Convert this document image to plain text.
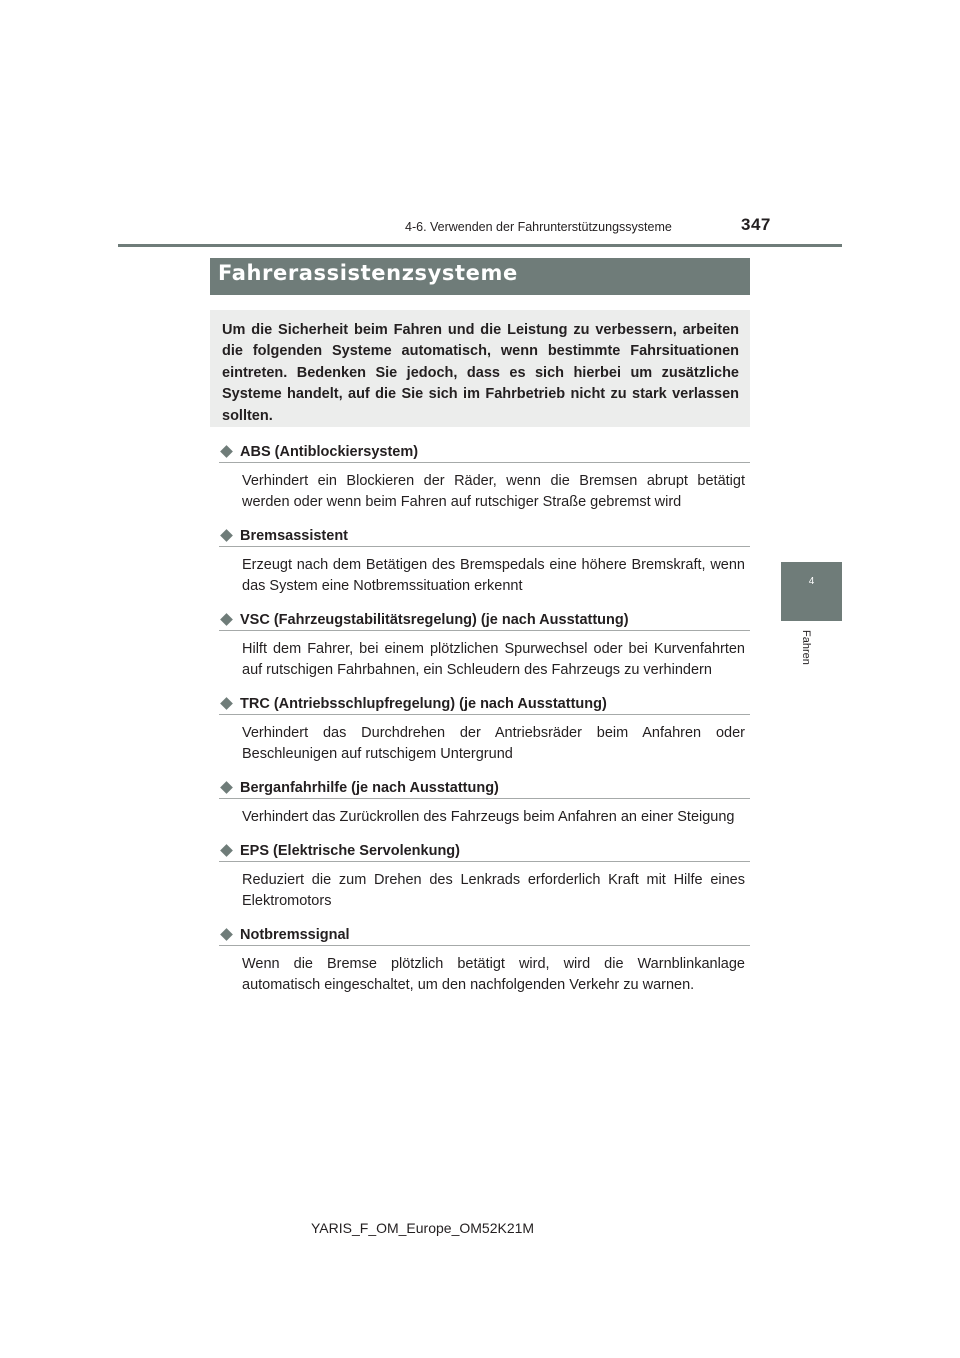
4-6. Verwenden der Fahrunterstützungssysteme	347
4
Fahren
Fahrerassistenzsysteme
Um die Sicherheit beim Fahren und die Leistung zu verbessern, arbeiten die folgenden Systeme automatisch, wenn bestimmte Fahrsituationen eintreten. Bedenken Sie jedoch, dass es sich hierbei um zusätzliche Systeme handelt, auf die Sie sich im Fahrbetrieb nicht zu stark verlassen sollten.
ABS (Antiblockiersystem)
Verhindert ein Blockieren der Räder, wenn die Bremsen abrupt betätigt werden oder wenn beim Fahren auf rutschiger Straße gebremst wird
Bremsassistent
Erzeugt nach dem Betätigen des Bremspedals eine höhere Bremskraft, wenn das System eine Notbremssituation erkennt
VSC (Fahrzeugstabilitätsregelung) (je nach Ausstattung)
Hilft dem Fahrer, bei einem plötzlichen Spurwechsel oder bei Kurvenfahrten auf rutschigen Fahrbahnen, ein Schleudern des Fahrzeugs zu verhindern
TRC (Antriebsschlupfregelung) (je nach Ausstattung)
Verhindert das Durchdrehen der Antriebsräder beim Anfahren oder Beschleunigen auf rutschigem Untergrund
Berganfahrhilfe (je nach Ausstattung)
Verhindert das Zurückrollen des Fahrzeugs beim Anfahren an einer Steigung
EPS (Elektrische Servolenkung)
Reduziert die zum Drehen des Lenkrads erforderlich Kraft mit Hilfe eines Elektromotors
Notbremssignal
Wenn die Bremse plötzlich betätigt wird, wird die Warnblinkanlage automatisch eingeschaltet, um den nachfolgenden Verkehr zu warnen.
YARIS_F_OM_Europe_OM52K21M
